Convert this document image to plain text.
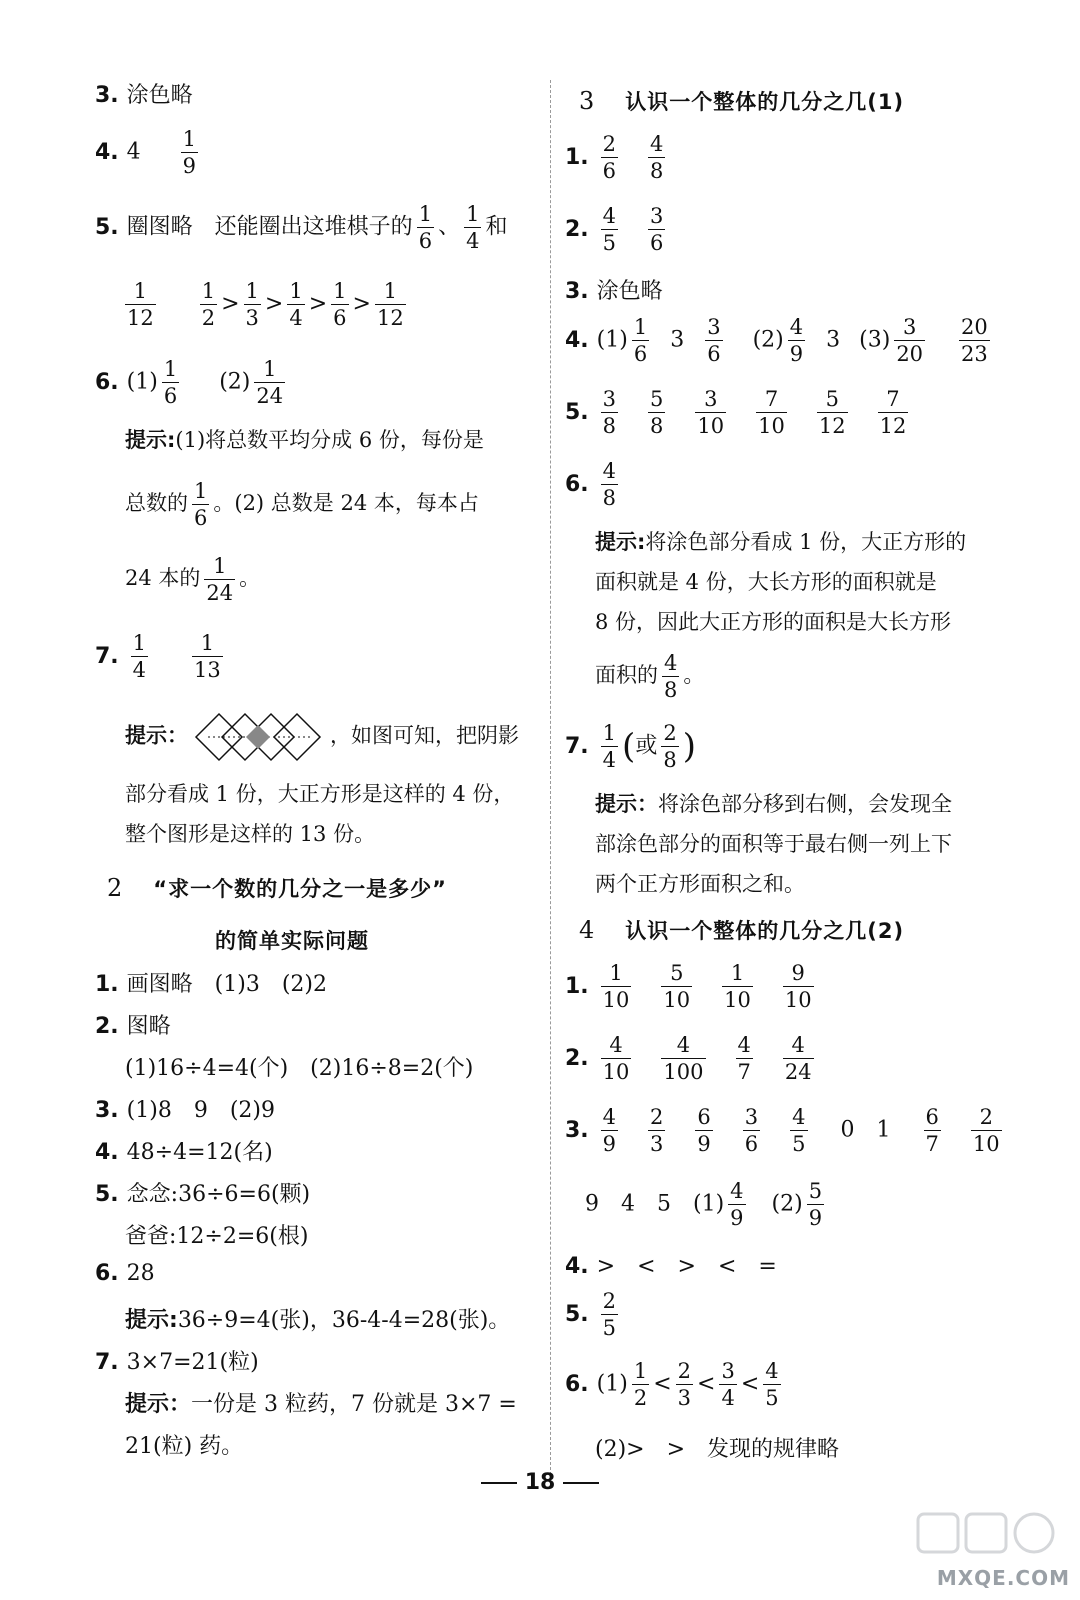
3. 涂色略
4. $4 \frac{1}{9}$
5. 圈图略　还能圈出这堆棋子的 $\frac{1}{6}$ 、 $\frac{1}{4}$ 和
$\frac{1}{12}$
$\frac{1}{2} > \frac{1}{3} > \frac{1}{4} > \frac{1}{6} > \frac{1}{12}$
6. $(1) \frac{1}{6} (2) \frac{1}{24}$
提示:(1)将总数平均分成 6 份，每份是
总数的 $\frac{1}{6}$ 。(2) 总数是 24 本，每本占
24 本的 $\frac{1}{24}$ 。
7. $\frac{1}{4}$
$\frac{1}{13}$
提示：	，如图可知，把阴影
部分看成 1 份，大正方形是这样的 4 份，
整个图形是这样的 13 份。
2 “求一个数的几分之一是多少”
的简单实际问题
1. 画图略　(1)3　(2)2
2. 图略
(1)16÷4=4(个)　(2)16÷8=2(个)
3. (1)8　9　(2)9
4. 48÷4=12(名)
5. 念念:36÷6=6(颗)
爸爸:12÷2=6(根)
6. 28
提示:36÷9=4(张)，36-4-4=28(张)。
7. 3×7=21(粒)
提示：一份是 3 粒药，7 份就是 3×7 =
21(粒) 药。
3 认识一个整体的几分之几(1)
1. $\frac{2}{6} \frac{4}{8}$
2. $\frac{4}{5} \frac{3}{6}$
3. 涂色略
4. $(1) \frac{1}{6} 3 \frac{3}{6} (2) \frac{4}{9} 3$ $(3) \frac{3}{20}$
$\frac{20}{23}$
5. $\frac{3}{8} \frac{5}{8} \frac{3}{10} \frac{7}{10} \frac{5}{12} \frac{7}{12}$
6. $\frac{4}{8}$
提示:将涂色部分看成 1 份，大正方形的
面积就是 4 份，大长方形的面积就是
8 份，因此大正方形的面积是大长方形
面积的 $\frac{4}{8}$ 。
7. $\frac{1}{4}$ (或 $\frac{2}{8}$ )
提示：将涂色部分移到右侧，会发现全
部涂色部分的面积等于最右侧一列上下
两个正方形面积之和。
4 认识一个整体的几分之几(2)
1. $\frac{1}{10} \frac{5}{10} \frac{1}{10} \frac{9}{10}$
2. $\frac{4}{10} \frac{4}{100} \frac{4}{7} \frac{4}{24}$
3. $\frac{4}{9} \frac{2}{3} \frac{6}{9} \frac{3}{6} \frac{4}{5} 0$ $1 \frac{6}{7} \frac{2}{10}$
9　4　5 $(1) \frac{4}{9} (2) \frac{5}{9}$
4. >　<　>　<　=
5. $\frac{2}{5}$
6. $(1) \frac{1}{2} < \frac{2}{3} < \frac{3}{4} < \frac{4}{5}$
(2)>　>　发现的规律略
18
MXQE.COM
